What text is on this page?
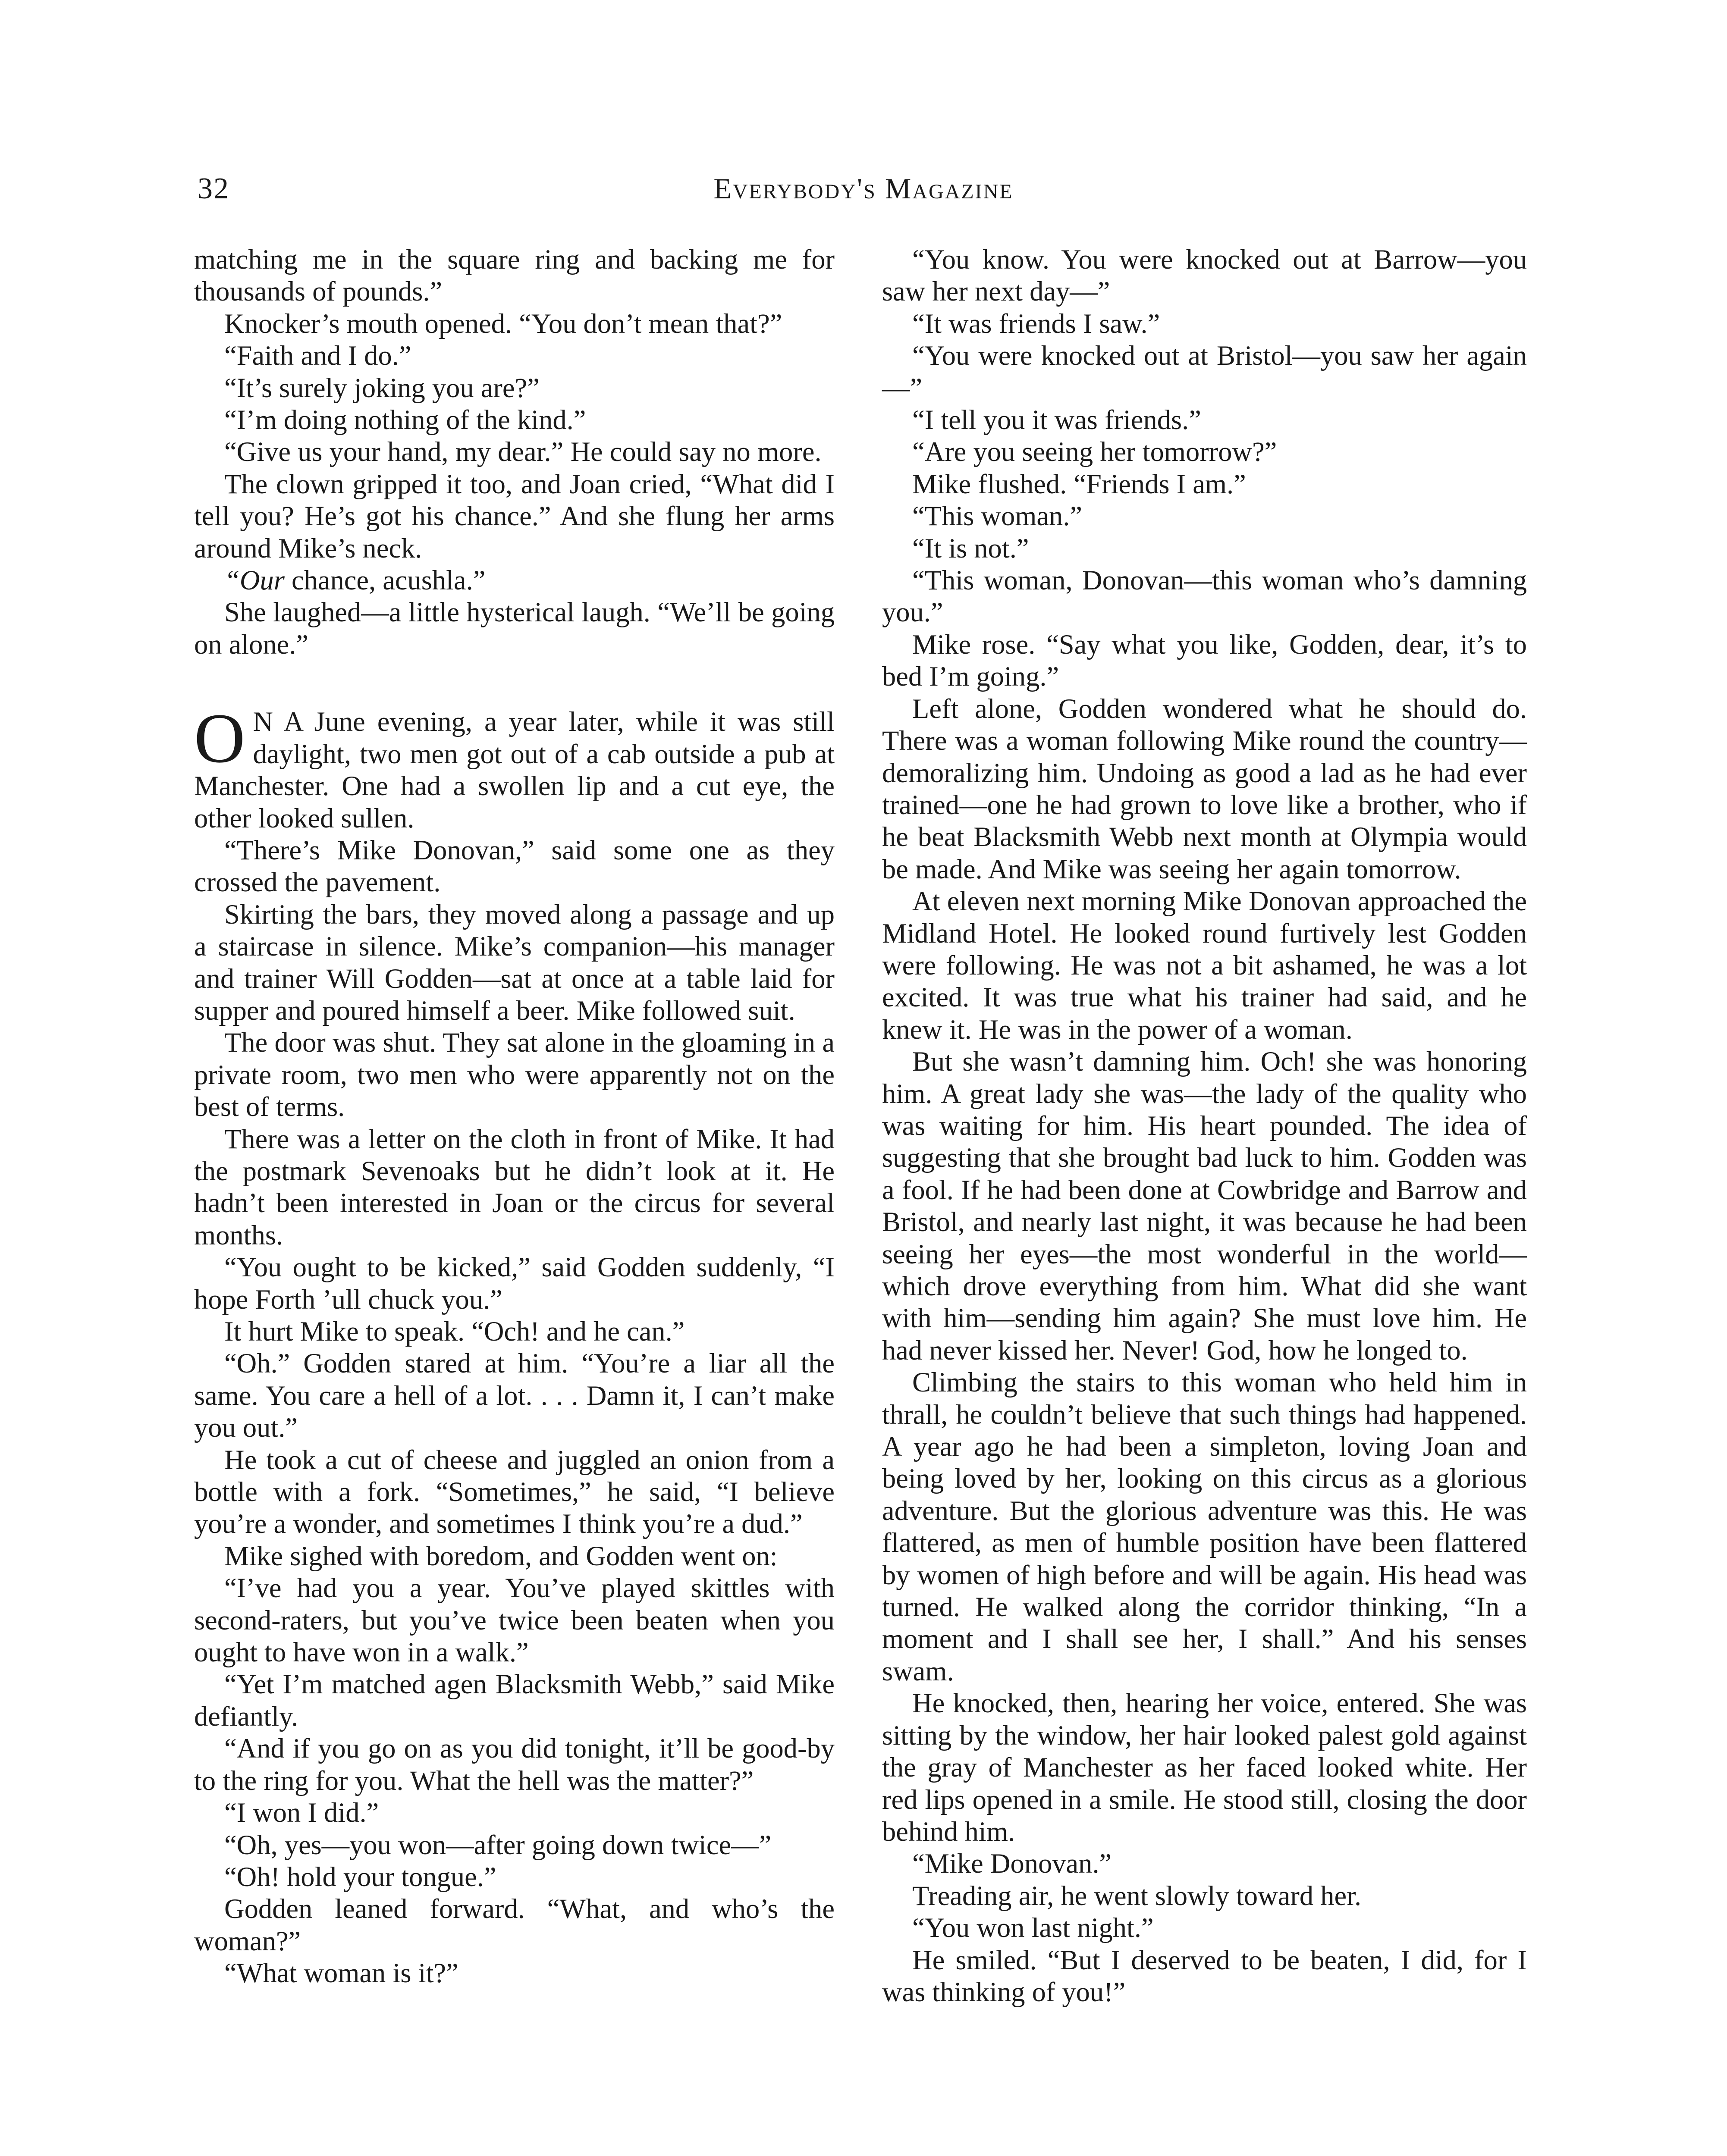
32	Everybody's Magazine

matching me in the square ring and backing me for thousands of pounds.”

Knocker’s mouth opened. “You don’t mean that?”

“Faith and I do.”

“It’s surely joking you are?”

“I’m doing nothing of the kind.”

“Give us your hand, my dear.” He could say no more.

The clown gripped it too, and Joan cried, “What did I tell you? He’s got his chance.” And she flung her arms around Mike’s neck.

“Our chance, acushla.”

She laughed—a little hysterical laugh. “We’ll be going on alone.”

O N A June evening, a year later, while it was still daylight, two men got out of a cab outside a pub at Manchester. One had a swollen lip and a cut eye, the other looked sullen.

“There’s Mike Donovan,” said some one as they crossed the pavement.

Skirting the bars, they moved along a passage and up a staircase in silence. Mike’s companion—his manager and trainer Will Godden—sat at once at a table laid for supper and poured himself a beer. Mike followed suit.

The door was shut. They sat alone in the gloaming in a private room, two men who were apparently not on the best of terms.

There was a letter on the cloth in front of Mike. It had the postmark Sevenoaks but he didn’t look at it. He hadn’t been interested in Joan or the circus for several months.

“You ought to be kicked,” said Godden suddenly, “I hope Forth ’ull chuck you.”

It hurt Mike to speak. “Och! and he can.”

“Oh.” Godden stared at him. “You’re a liar all the same. You care a hell of a lot. . . . Damn it, I can’t make you out.”

He took a cut of cheese and juggled an onion from a bottle with a fork. “Sometimes,” he said, “I believe you’re a wonder, and sometimes I think you’re a dud.”

Mike sighed with boredom, and Godden went on:

“I’ve had you a year. You’ve played skittles with second-raters, but you’ve twice been beaten when you ought to have won in a walk.”

“Yet I’m matched agen Blacksmith Webb,” said Mike defiantly.

“And if you go on as you did tonight, it’ll be good-by to the ring for you. What the hell was the matter?”

“I won I did.”

“Oh, yes—you won—after going down twice—”

“Oh! hold your tongue.”

Godden leaned forward. “What, and who’s the woman?”

“What woman is it?”

“You know. You were knocked out at Barrow—you saw her next day—”

“It was friends I saw.”

“You were knocked out at Bristol—you saw her again—”

“I tell you it was friends.”

“Are you seeing her tomorrow?”

Mike flushed. “Friends I am.”

“This woman.”

“It is not.”

“This woman, Donovan—this woman who’s damning you.”

Mike rose. “Say what you like, Godden, dear, it’s to bed I’m going.”

Left alone, Godden wondered what he should do. There was a woman following Mike round the country—demoralizing him. Undoing as good a lad as he had ever trained—one he had grown to love like a brother, who if he beat Blacksmith Webb next month at Olympia would be made. And Mike was seeing her again tomorrow.

At eleven next morning Mike Donovan approached the Midland Hotel. He looked round furtively lest Godden were following. He was not a bit ashamed, he was a lot excited. It was true what his trainer had said, and he knew it. He was in the power of a woman.

But she wasn’t damning him. Och! she was honoring him. A great lady she was—the lady of the quality who was waiting for him. His heart pounded. The idea of suggesting that she brought bad luck to him. Godden was a fool. If he had been done at Cowbridge and Barrow and Bristol, and nearly last night, it was because he had been seeing her eyes—the most wonderful in the world—which drove everything from him. What did she want with him—sending him again? She must love him. He had never kissed her. Never! God, how he longed to.

Climbing the stairs to this woman who held him in thrall, he couldn’t believe that such things had happened. A year ago he had been a simpleton, loving Joan and being loved by her, looking on this circus as a glorious adventure. But the glorious adventure was this. He was flattered, as men of humble position have been flattered by women of high before and will be again. His head was turned. He walked along the corridor thinking, “In a moment and I shall see her, I shall.” And his senses swam.

He knocked, then, hearing her voice, entered. She was sitting by the window, her hair looked palest gold against the gray of Manchester as her faced looked white. Her red lips opened in a smile. He stood still, closing the door behind him.

“Mike Donovan.”

Treading air, he went slowly toward her.

“You won last night.”

He smiled. “But I deserved to be beaten, I did, for I was thinking of you!”
